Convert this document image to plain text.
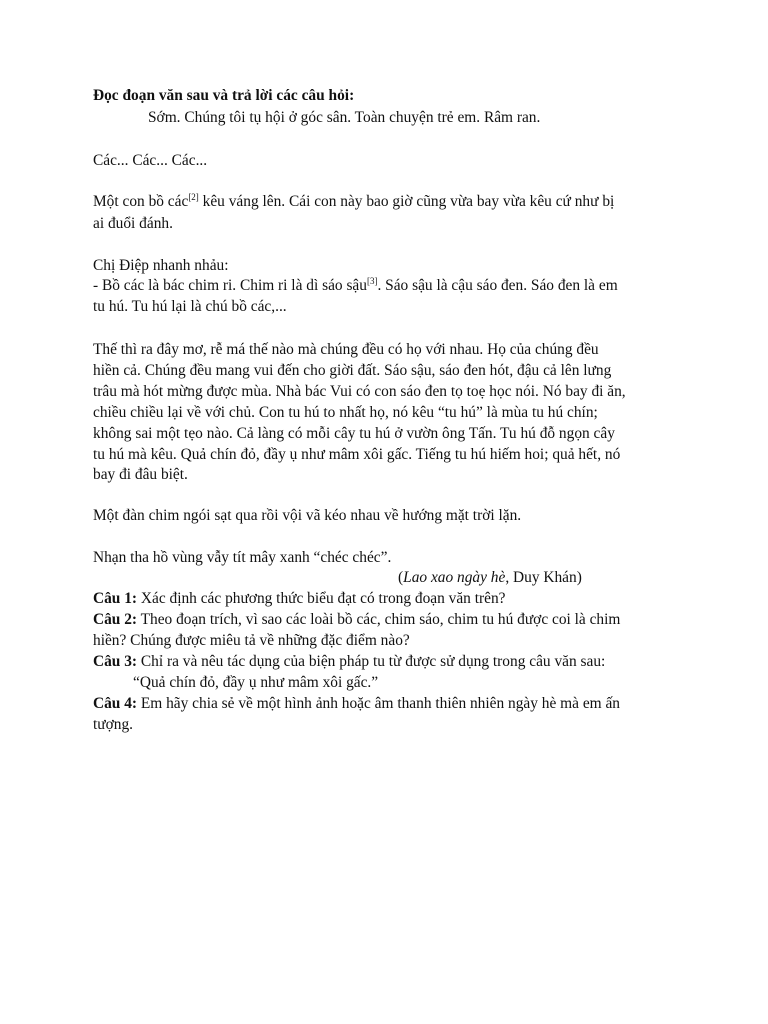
Đọc đoạn văn sau và trả lời các câu hỏi:
Sớm. Chúng tôi tụ hội ở góc sân. Toàn chuyện trẻ em. Râm ran.
Các... Các... Các...
Một con bồ các[2] kêu váng lên. Cái con này bao giờ cũng vừa bay vừa kêu cứ như bị
ai đuổi đánh.
Chị Điệp nhanh nhảu:
- Bồ các là bác chim ri. Chim ri là dì sáo sậu[3]. Sáo sậu là cậu sáo đen. Sáo đen là em
tu hú. Tu hú lại là chú bồ các,...
Thế thì ra đây mơ, rễ má thế nào mà chúng đều có họ với nhau. Họ của chúng đều
hiền cả. Chúng đều mang vui đến cho giời đất. Sáo sậu, sáo đen hót, đậu cả lên lưng
trâu mà hót mừng được mùa. Nhà bác Vui có con sáo đen tọ toẹ học nói. Nó bay đi ăn,
chiều chiều lại về với chủ. Con tu hú to nhất họ, nó kêu “tu hú” là mùa tu hú chín;
không sai một tẹo nào. Cả làng có mỗi cây tu hú ở vườn ông Tấn. Tu hú đỗ ngọn cây
tu hú mà kêu. Quả chín đỏ, đầy ụ như mâm xôi gấc. Tiếng tu hú hiếm hoi; quả hết, nó
bay đi đâu biệt.
Một đàn chim ngói sạt qua rồi vội vã kéo nhau về hướng mặt trời lặn.
Nhạn tha hồ vùng vẫy tít mây xanh “chéc chéc”.
(Lao xao ngày hè, Duy Khán)
Câu 1: Xác định các phương thức biểu đạt có trong đoạn văn trên?
Câu 2: Theo đoạn trích, vì sao các loài bồ các, chim sáo, chim tu hú được coi là chim
hiền? Chúng được miêu tả về những đặc điểm nào?
Câu 3: Chỉ ra và nêu tác dụng của biện pháp tu từ được sử dụng trong câu văn sau:
“Quả chín đỏ, đầy ụ như mâm xôi gấc.”
Câu 4: Em hãy chia sẻ về một hình ảnh hoặc âm thanh thiên nhiên ngày hè mà em ấn
tượng.
